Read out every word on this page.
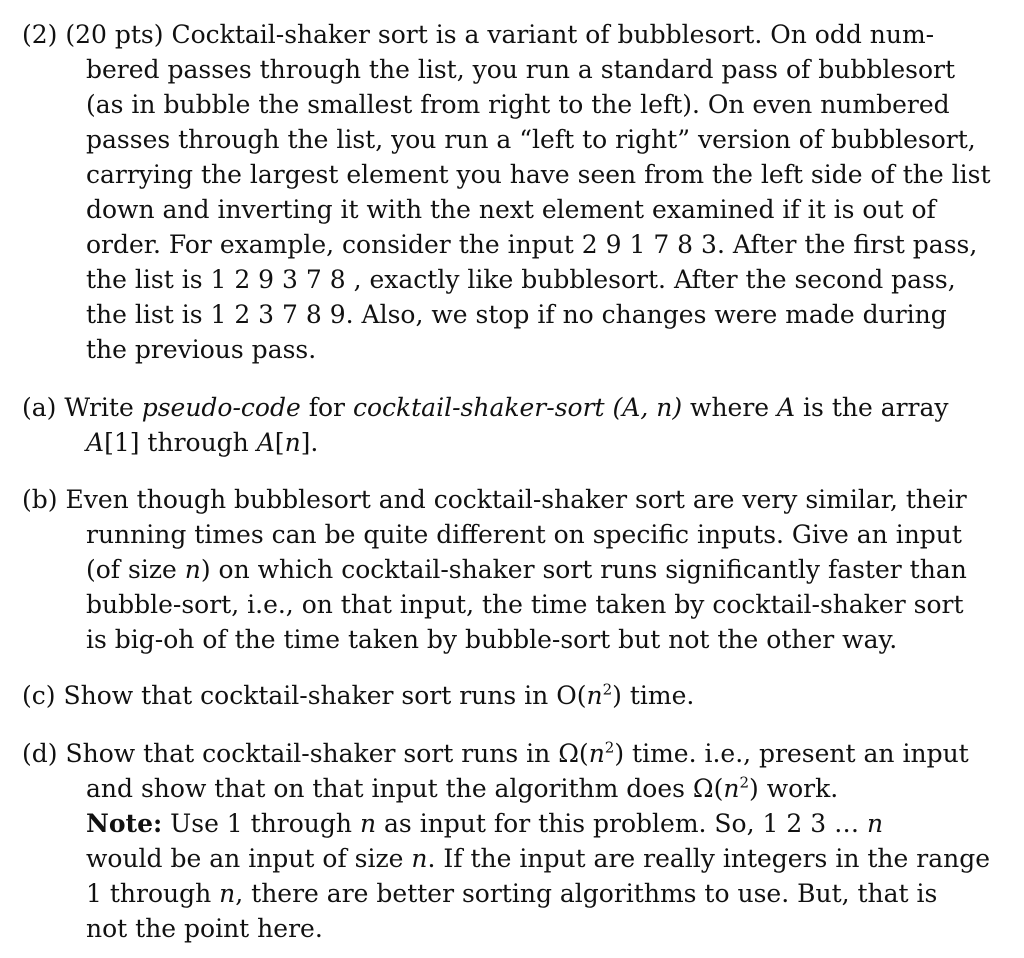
(2) (20 pts) Cocktail-shaker sort is a variant of bubblesort. On odd num-
bered passes through the list, you run a standard pass of bubblesort
(as in bubble the smallest from right to the left). On even numbered
passes through the list, you run a “left to right” version of bubblesort,
carrying the largest element you have seen from the left side of the list
down and inverting it with the next element examined if it is out of
order. For example, consider the input 2 9 1 7 8 3. After the first pass,
the list is 1 2 9 3 7 8 , exactly like bubblesort. After the second pass,
the list is 1 2 3 7 8 9. Also, we stop if no changes were made during
the previous pass.
(a) Write pseudo-code for cocktail-shaker-sort (A, n) where A is the array
A[1] through A[n].
(b) Even though bubblesort and cocktail-shaker sort are very similar, their
running times can be quite different on specific inputs. Give an input
(of size n) on which cocktail-shaker sort runs significantly faster than
bubble-sort, i.e., on that input, the time taken by cocktail-shaker sort
is big-oh of the time taken by bubble-sort but not the other way.
(c) Show that cocktail-shaker sort runs in $O(n^2)$ time.
(d) Show that cocktail-shaker sort runs in $\Omega(n^2)$ time. i.e., present an input
and show that on that input the algorithm does $\Omega(n^2)$ work.
Note: Use 1 through n as input for this problem. So, 1 2 3 … n
would be an input of size n. If the input are really integers in the range
1 through n, there are better sorting algorithms to use. But, that is
not the point here.
